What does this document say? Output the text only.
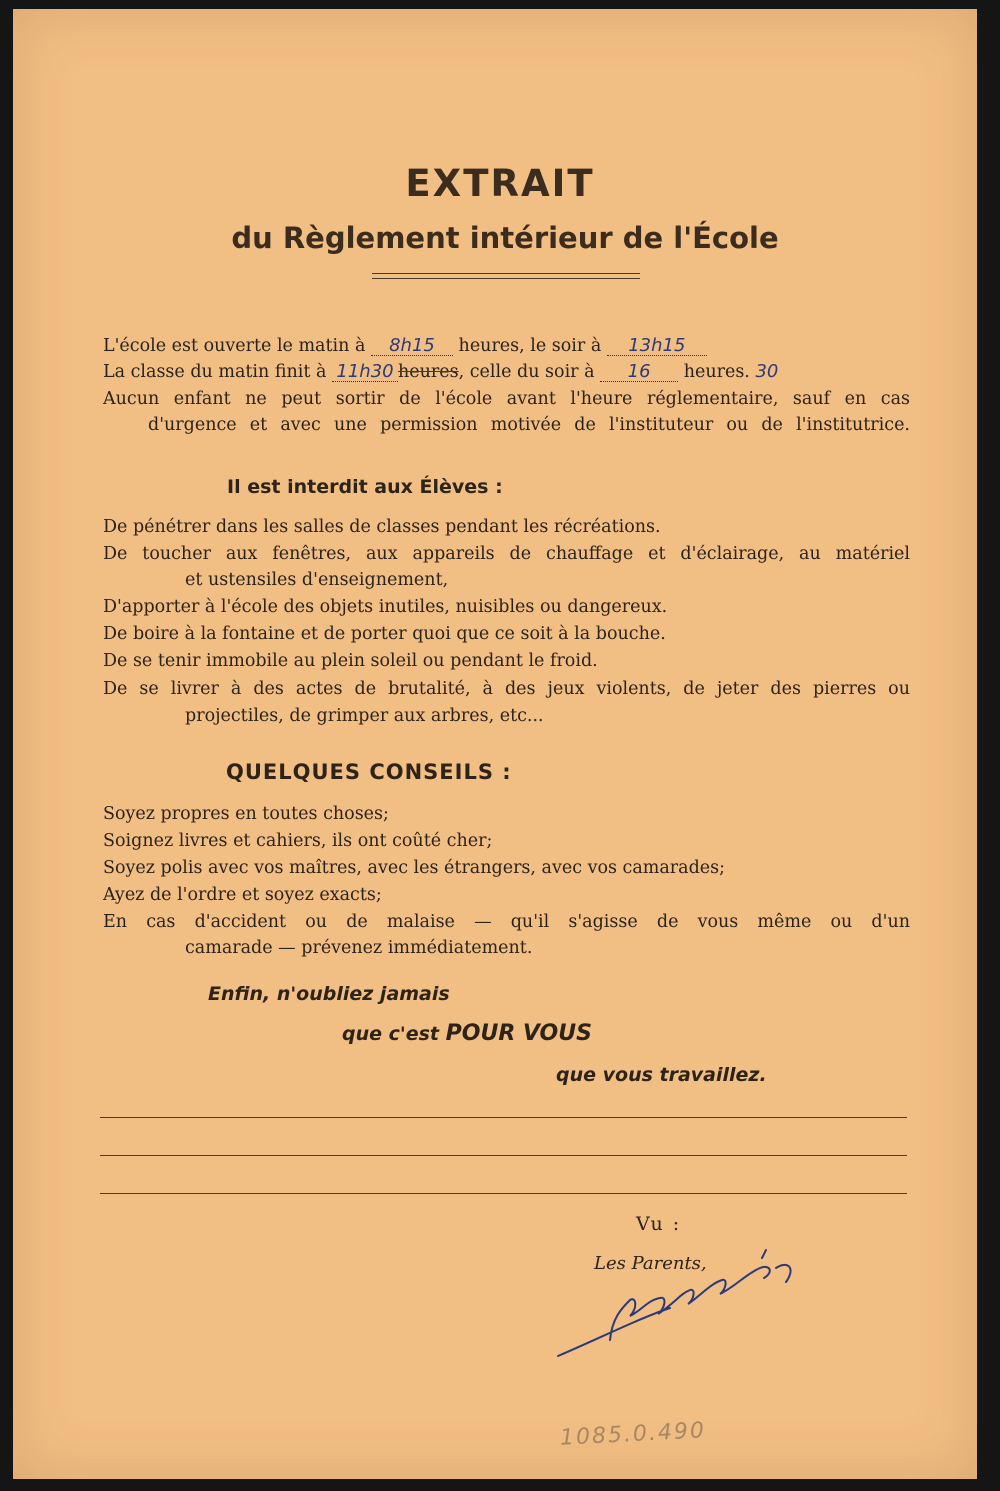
EXTRAIT
du Règlement intérieur de l'École

L'école est ouverte le matin à 8h15 heures, le soir à 13h15

La classe du matin finit à 11h30 heures, celle du soir à 16 heures. 30

Aucun enfant ne peut sortir de l'école avant l'heure réglementaire, sauf en cas

d'urgence et avec une permission motivée de l'instituteur ou de l'institutrice.

Il est interdit aux Élèves :

De pénétrer dans les salles de classes pendant les récréations.

De toucher aux fenêtres, aux appareils de chauffage et d'éclairage, au matériel

et ustensiles d'enseignement,

D'apporter à l'école des objets inutiles, nuisibles ou dangereux.

De boire à la fontaine et de porter quoi que ce soit à la bouche.

De se tenir immobile au plein soleil ou pendant le froid.

De se livrer à des actes de brutalité, à des jeux violents, de jeter des pierres ou

projectiles, de grimper aux arbres, etc...

QUELQUES CONSEILS :

Soyez propres en toutes choses;

Soignez livres et cahiers, ils ont coûté cher;

Soyez polis avec vos maîtres, avec les étrangers, avec vos camarades;

Ayez de l'ordre et soyez exacts;

En cas d'accident ou de malaise — qu'il s'agisse de vous même ou d'un

camarade — prévenez immédiatement.

Enfin, n'oubliez jamais
que c'est POUR VOUS
que vous travaillez.
Vu :
Les Parents,
1085.0.490
